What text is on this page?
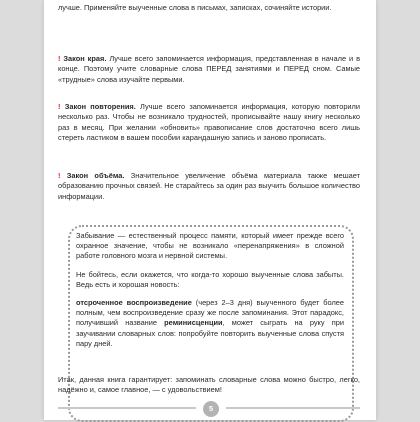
лучше. Применяйте выученные слова в письмах, записках, сочиняйте истории.
! Закон края. Лучше всего запоминается информация, представленная в начале и в конце. Поэтому учите словарные слова ПЕРЕД занятиями и ПЕРЕД сном. Самые «трудные» слова изучайте первыми.
! Закон повторения. Лучше всего запоминается информация, которую повторили несколько раз. Чтобы не возникало трудностей, прописывайте нашу книгу несколько раз в месяц. При желании «обновить» правописание слов достаточно всего лишь стереть ластиком в вашем пособии карандашную запись и заново прописать.
! Закон объёма. Значительное увеличение объёма материала также мешает образованию прочных связей. Не старайтесь за один раз выучить большое количество информации.

Забывание — естественный процесс памяти, который имеет прежде всего охранное значение, чтобы не возникало «перенапряжения» в сложной работе головного мозга и нервной системы.

Не бойтесь, если окажется, что когда-то хорошо выученные слова забыты. Ведь есть и хорошая новость:

отсроченное воспроизведение (через 2–3 дня) выученного будет более полным, чем воспроизведение сразу же после запоминания. Этот парадокс, получивший название реминисценции, может сыграть на руку при заучивании словарных слов: попробуйте повторить выученные слова спустя пару дней.

Итак, данная книга гарантирует: запоминать словарные слова можно быстро, легко, надёжно и, самое главное, — с удовольствием!
5
